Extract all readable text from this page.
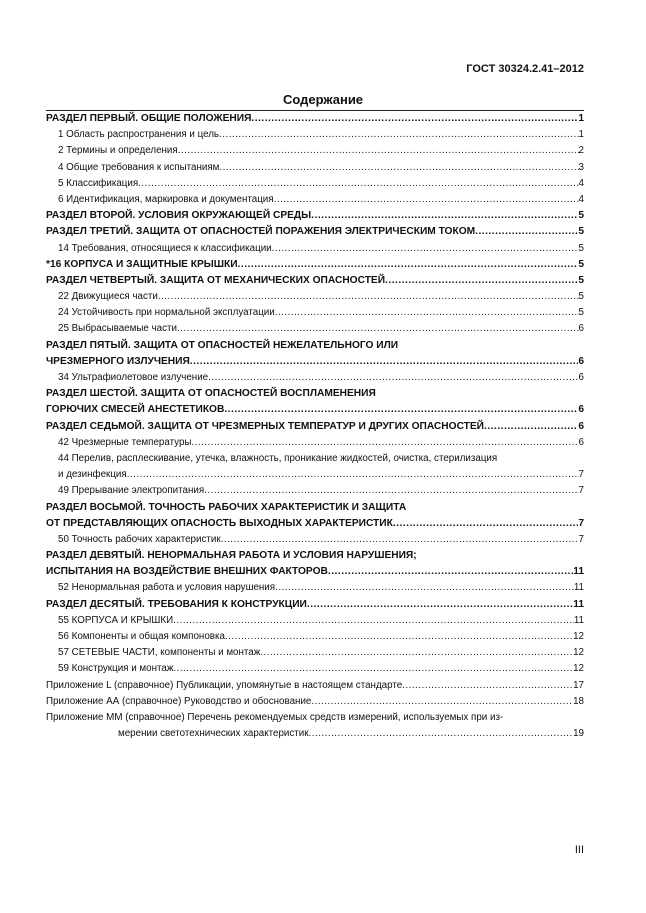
ГОСТ 30324.2.41–2012
Содержание
РАЗДЕЛ ПЕРВЫЙ. ОБЩИЕ ПОЛОЖЕНИЯ .....	1
1 Область распространения и цель .....	1
2 Термины и определения .....	2
4 Общие требования к испытаниям .....	3
5 Классификация .....	4
6 Идентификация, маркировка и документация .....	4
РАЗДЕЛ ВТОРОЙ. УСЛОВИЯ ОКРУЖАЮЩЕЙ СРЕДЫ .....	5
РАЗДЕЛ ТРЕТИЙ. ЗАЩИТА ОТ ОПАСНОСТЕЙ ПОРАЖЕНИЯ ЭЛЕКТРИЧЕСКИМ ТОКОМ .....	5
14 Требования, относящиеся к классификации .....	5
*16 КОРПУСА И ЗАЩИТНЫЕ КРЫШКИ .....	5
РАЗДЕЛ ЧЕТВЕРТЫЙ. ЗАЩИТА ОТ МЕХАНИЧЕСКИХ ОПАСНОСТЕЙ .....	5
22 Движущиеся части .....	5
24 Устойчивость при нормальной эксплуатации .....	5
25 Выбрасываемые части .....	6
РАЗДЕЛ ПЯТЫЙ. ЗАЩИТА ОТ ОПАСНОСТЕЙ НЕЖЕЛАТЕЛЬНОГО ИЛИ
ЧРЕЗМЕРНОГО ИЗЛУЧЕНИЯ .....	6
34 Ультрафиолетовое излучение .....	6
РАЗДЕЛ ШЕСТОЙ. ЗАЩИТА ОТ ОПАСНОСТЕЙ ВОСПЛАМЕНЕНИЯ
ГОРЮЧИХ СМЕСЕЙ АНЕСТЕТИКОВ .....	6
РАЗДЕЛ СЕДЬМОЙ. ЗАЩИТА ОТ ЧРЕЗМЕРНЫХ ТЕМПЕРАТУР И ДРУГИХ ОПАСНОСТЕЙ .....	6
42 Чрезмерные температуры .....	6
44 Перелив, расплескивание, утечка, влажность, проникание жидкостей, очистка, стерилизация
и дезинфекция .....	7
49 Прерывание электропитания .....	7
РАЗДЕЛ ВОСЬМОЙ. ТОЧНОСТЬ РАБОЧИХ ХАРАКТЕРИСТИК И ЗАЩИТА
ОТ ПРЕДСТАВЛЯЮЩИХ ОПАСНОСТЬ ВЫХОДНЫХ ХАРАКТЕРИСТИК .....	7
50 Точность рабочих характеристик .....	7
РАЗДЕЛ ДЕВЯТЫЙ. НЕНОРМАЛЬНАЯ РАБОТА И УСЛОВИЯ НАРУШЕНИЯ;
ИСПЫТАНИЯ НА ВОЗДЕЙСТВИЕ ВНЕШНИХ ФАКТОРОВ .....	11
52 Ненормальная работа и условия нарушения .....	11
РАЗДЕЛ ДЕСЯТЫЙ. ТРЕБОВАНИЯ К КОНСТРУКЦИИ .....	11
55 КОРПУСА И КРЫШКИ .....	11
56 Компоненты и общая компоновка .....	12
57 СЕТЕВЫЕ ЧАСТИ, компоненты и монтаж .....	12
59 Конструкция и монтаж .....	12
Приложение L (справочное) Публикации, упомянутые в настоящем стандарте .....	17
Приложение АА (справочное) Руководство и обоснование .....	18
Приложение ММ (справочное) Перечень рекомендуемых средств измерений, используемых при из-
мерении светотехнических характеристик .....	19
III
